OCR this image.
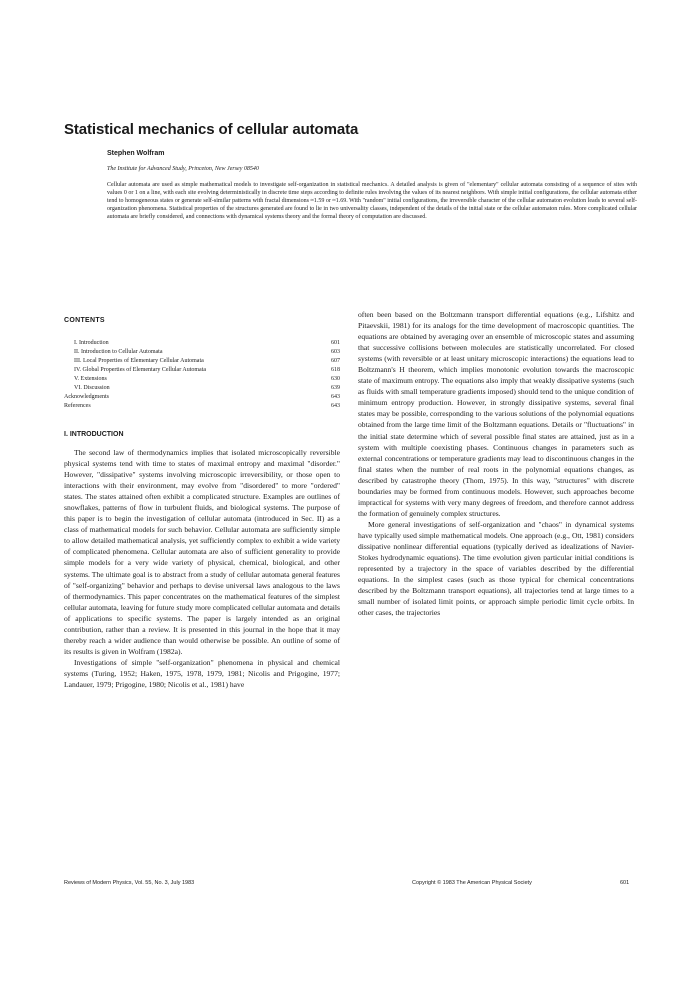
Statistical mechanics of cellular automata
Stephen Wolfram
The Institute for Advanced Study, Princeton, New Jersey 08540
Cellular automata are used as simple mathematical models to investigate self-organization in statistical mechanics. A detailed analysis is given of "elementary" cellular automata consisting of a sequence of sites with values 0 or 1 on a line, with each site evolving deterministically in discrete time steps according to definite rules involving the values of its nearest neighbors. With simple initial configurations, the cellular automata either tend to homogeneous states or generate self-similar patterns with fractal dimensions ≈1.59 or ≈1.69. With "random" initial configurations, the irreversible character of the cellular automaton evolution leads to several self-organization phenomena. Statistical properties of the structures generated are found to lie in two universality classes, independent of the details of the initial state or the cellular automaton rules. More complicated cellular automata are briefly considered, and connections with dynamical systems theory and the formal theory of computation are discussed.
CONTENTS
I. Introduction	601
II. Introduction to Cellular Automata	603
III. Local Properties of Elementary Cellular Automata	607
IV. Global Properties of Elementary Cellular Automata	618
V. Extensions	630
VI. Discussion	639
Acknowledgments	643
References	643
I. INTRODUCTION

The second law of thermodynamics implies that isolated microscopically reversible physical systems tend with time to states of maximal entropy and maximal "disorder." However, "dissipative" systems involving microscopic irreversibility, or those open to interactions with their environment, may evolve from "disordered" to more "ordered" states. The states attained often exhibit a complicated structure. Examples are outlines of snowflakes, patterns of flow in turbulent fluids, and biological systems. The purpose of this paper is to begin the investigation of cellular automata (introduced in Sec. II) as a class of mathematical models for such behavior. Cellular automata are sufficiently simple to allow detailed mathematical analysis, yet sufficiently complex to exhibit a wide variety of complicated phenomena. Cellular automata are also of sufficient generality to provide simple models for a very wide variety of physical, chemical, biological, and other systems. The ultimate goal is to abstract from a study of cellular automata general features of "self-organizing" behavior and perhaps to devise universal laws analogous to the laws of thermodynamics. This paper concentrates on the mathematical features of the simplest cellular automata, leaving for future study more complicated cellular automata and details of applications to specific systems. The paper is largely intended as an original contribution, rather than a review. It is presented in this journal in the hope that it may thereby reach a wider audience than would otherwise be possible. An outline of some of its results is given in Wolfram (1982a).

Investigations of simple "self-organization" phenomena in physical and chemical systems (Turing, 1952; Haken, 1975, 1978, 1979, 1981; Nicolis and Prigogine, 1977; Landauer, 1979; Prigogine, 1980; Nicolis et al., 1981) have

often been based on the Boltzmann transport differential equations (e.g., Lifshitz and Pitaevskii, 1981) for its analogs for the time development of macroscopic quantities. The equations are obtained by averaging over an ensemble of microscopic states and assuming that successive collisions between molecules are statistically uncorrelated. For closed systems (with reversible or at least unitary microscopic interactions) the equations lead to Boltzmann's H theorem, which implies monotonic evolution towards the macroscopic state of maximum entropy. The equations also imply that weakly dissipative systems (such as fluids with small temperature gradients imposed) should tend to the unique condition of minimum entropy production. However, in strongly dissipative systems, several final states may be possible, corresponding to the various solutions of the polynomial equations obtained from the large time limit of the Boltzmann equations. Details or "fluctuations" in the initial state determine which of several possible final states are attained, just as in a system with multiple coexisting phases. Continuous changes in parameters such as external concentrations or temperature gradients may lead to discontinuous changes in the final states when the number of real roots in the polynomial equations changes, as described by catastrophe theory (Thom, 1975). In this way, "structures" with discrete boundaries may be formed from continuous models. However, such approaches become impractical for systems with very many degrees of freedom, and therefore cannot address the formation of genuinely complex structures.

More general investigations of self-organization and "chaos" in dynamical systems have typically used simple mathematical models. One approach (e.g., Ott, 1981) considers dissipative nonlinear differential equations (typically derived as idealizations of Navier-Stokes hydrodynamic equations). The time evolution given particular initial conditions is represented by a trajectory in the space of variables described by the differential equations. In the simplest cases (such as those typical for chemical concentrations described by the Boltzmann transport equations), all trajectories tend at large times to a small number of isolated limit points, or approach simple periodic limit cycle orbits. In other cases, the trajectories

Reviews of Modern Physics, Vol. 55, No. 3, July 1983	Copyright © 1983 The American Physical Society	601
